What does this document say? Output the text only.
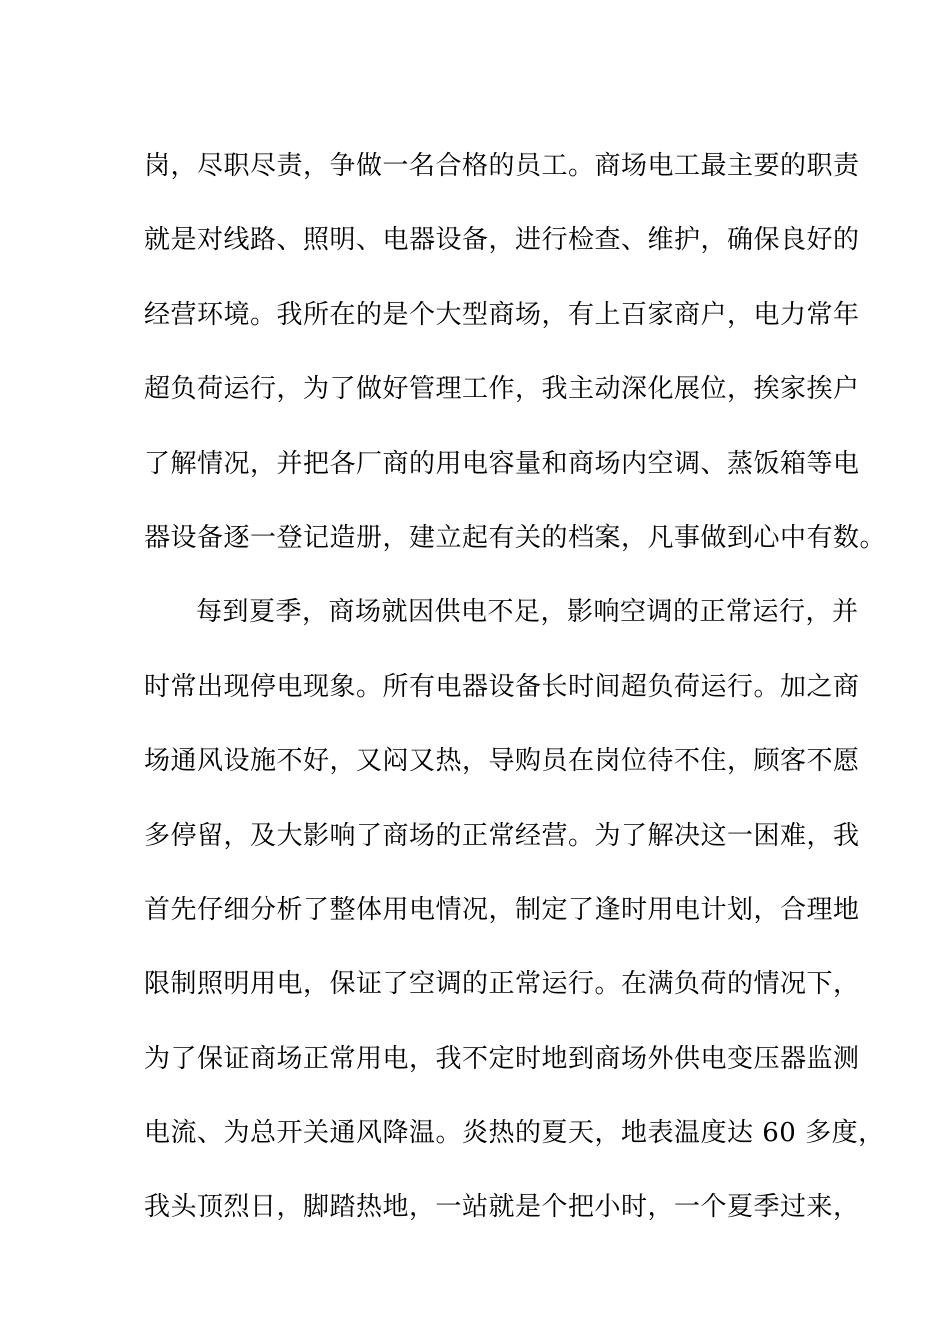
岗，尽职尽责，争做一名合格的员工。商场电工最主要的职责
就是对线路、照明、电器设备，进行检查、维护，确保良好的
经营环境。我所在的是个大型商场，有上百家商户，电力常年
超负荷运行，为了做好管理工作，我主动深化展位，挨家挨户
了解情况，并把各厂商的用电容量和商场内空调、蒸饭箱等电
器设备逐一登记造册，建立起有关的档案，凡事做到心中有数。
每到夏季，商场就因供电不足，影响空调的正常运行，并
时常出现停电现象。所有电器设备长时间超负荷运行。加之商
场通风设施不好，又闷又热，导购员在岗位待不住，顾客不愿
多停留，及大影响了商场的正常经营。为了解决这一困难，我
首先仔细分析了整体用电情况，制定了逢时用电计划，合理地
限制照明用电，保证了空调的正常运行。在满负荷的情况下，
为了保证商场正常用电，我不定时地到商场外供电变压器监测
电流、为总开关通风降温。炎热的夏天，地表温度达 60 多度，
我头顶烈日，脚踏热地，一站就是个把小时，一个夏季过来，
